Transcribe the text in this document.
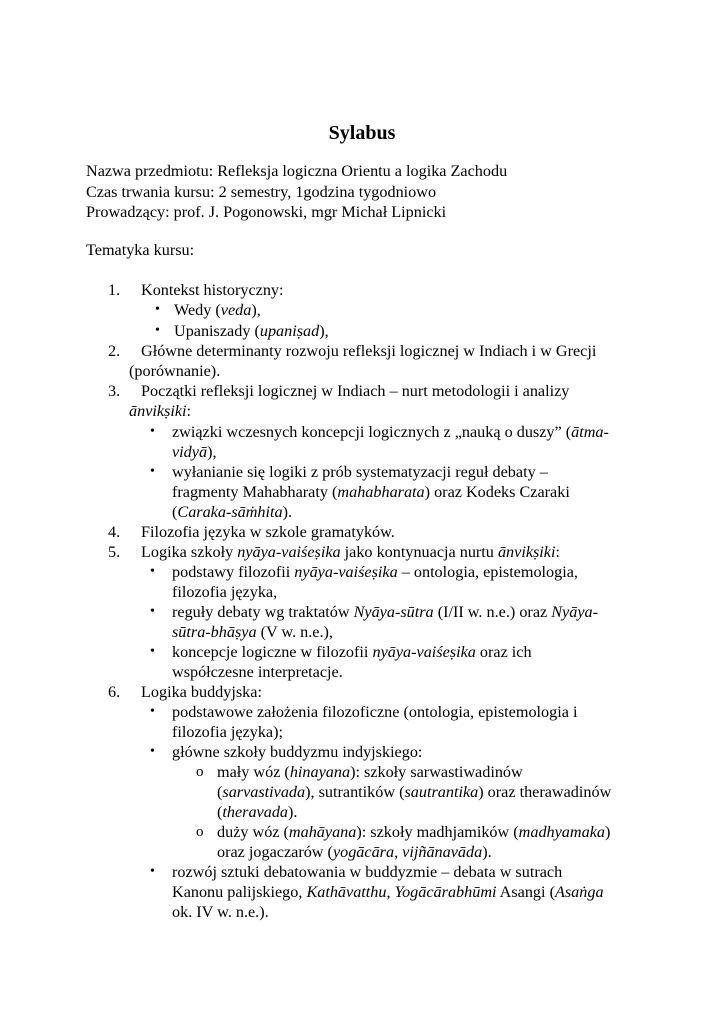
Sylabus
Nazwa przedmiotu: Refleksja logiczna Orientu a logika Zachodu
Czas trwania kursu: 2 semestry, 1godzina tygodniowo
Prowadzący: prof. J. Pogonowski, mgr Michał Lipnicki
Tematyka kursu:
1. Kontekst historyczny:
• Wedy (veda),
• Upaniszady (upaniṣad),
2. Główne determinanty rozwoju refleksji logicznej w Indiach i w Grecji
(porównanie).
3. Początki refleksji logicznej w Indiach – nurt metodologii i analizy
ānvikṣiki:
• związki wczesnych koncepcji logicznych z „nauką o duszy” (ātma-
vidyā),
• wyłanianie się logiki z prób systematyzacji reguł debaty –
fragmenty Mahabharaty (mahabharata) oraz Kodeks Czaraki
(Caraka-sāṁhita).
4. Filozofia języka w szkole gramatyków.
5. Logika szkoły nyāya-vaiśeṣika jako kontynuacja nurtu ānvikṣiki:
• podstawy filozofii nyāya-vaiśeṣika – ontologia, epistemologia,
filozofia języka,
• reguły debaty wg traktatów Nyāya-sūtra (I/II w. n.e.) oraz Nyāya-
sūtra-bhāṣya (V w. n.e.),
• koncepcje logiczne w filozofii nyāya-vaiśeṣika oraz ich
współczesne interpretacje.
6. Logika buddyjska:
• podstawowe założenia filozoficzne (ontologia, epistemologia i
filozofia języka);
• główne szkoły buddyzmu indyjskiego:
o mały wóz (hinayana): szkoły sarwastiwadinów
(sarvastivada), sutrantików (sautrantika) oraz therawadinów
(theravada).
o duży wóz (mahāyana): szkoły madhjamików (madhyamaka)
oraz jogaczarów (yogācāra, vijñānavāda).
• rozwój sztuki debatowania w buddyzmie – debata w sutrach
Kanonu palijskiego, Kathāvatthu, Yogācārabhūmi Asangi (Asaṅga
ok. IV w. n.e.).
